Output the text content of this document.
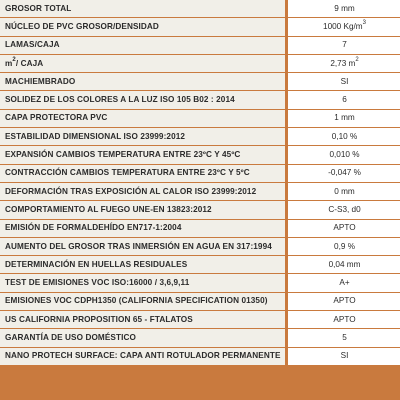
GROSOR TOTAL	9 mm
NÚCLEO DE PVC GROSOR/DENSIDAD	1000 $Kg/m^3$
LAMAS/CAJA	7
$m^2/$ CAJA	2,73 $m^2$
MACHIEMBRADO	SI
SOLIDEZ DE LOS COLORES A LA LUZ ISO 105 B02 : 2014	6
CAPA PROTECTORA PVC	1 mm
ESTABILIDAD DIMENSIONAL ISO 23999:2012	0,10 %
EXPANSIÓN CAMBIOS TEMPERATURA ENTRE 23ºC Y 45ºC	0,010 %
CONTRACCIÓN CAMBIOS TEMPERATURA ENTRE 23ºC Y 5ºC	-0,047 %
DEFORMACIÓN TRAS EXPOSICIÓN AL CALOR ISO 23999:2012	0 mm
COMPORTAMIENTO AL FUEGO UNE-EN 13823:2012	C-S3, d0
EMISIÓN DE FORMALDEHÍDO EN717-1:2004	APTO
AUMENTO DEL GROSOR TRAS INMERSIÓN EN AGUA EN 317:1994	0,9 %
DETERMINACIÓN EN HUELLAS RESIDUALES	0,04 mm
TEST DE EMISIONES VOC ISO:16000 / 3,6,9,11	A+
EMISIONES VOC CDPH1350 (CALIFORNIA SPECIFICATION 01350)	APTO
US CALIFORNIA PROPOSITION 65 - FTALATOS	APTO
GARANTÍA DE USO DOMÉSTICO	5
NANO PROTECH SURFACE: CAPA ANTI ROTULADOR PERMANENTE	SI
